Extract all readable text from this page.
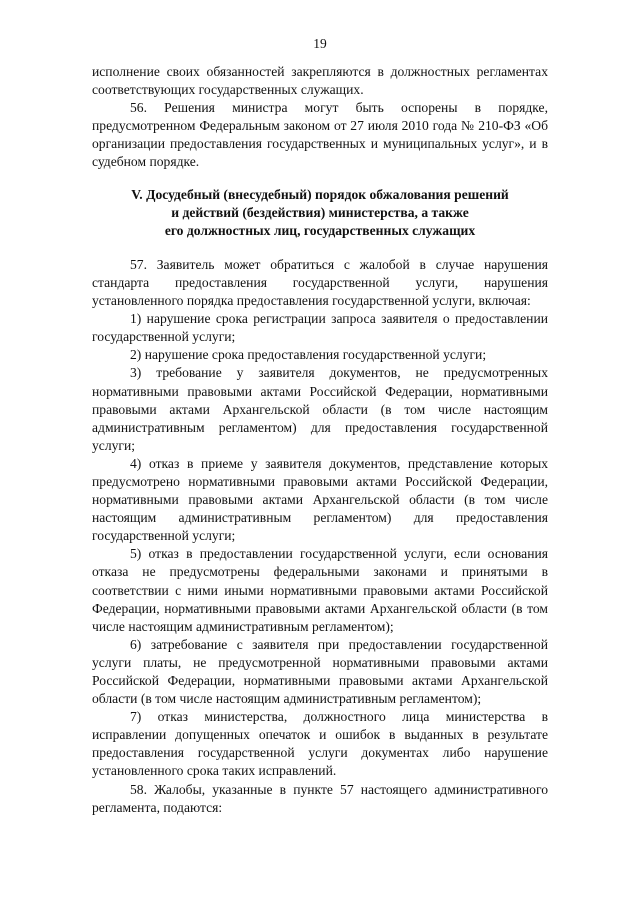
19

исполнение своих обязанностей закрепляются в должностных регламентах соответствующих государственных служащих.

56. Решения министра могут быть оспорены в порядке, предусмотренном Федеральным законом от 27 июля 2010 года № 210-ФЗ «Об организации предоставления государственных и муниципальных услуг», и в судебном порядке.

V. Досудебный (внесудебный) порядок обжалования решений
и действий (бездействия) министерства, а также
его должностных лиц, государственных служащих

57. Заявитель может обратиться с жалобой в случае нарушения стандарта предоставления государственной услуги, нарушения установленного порядка предоставления государственной услуги, включая:

1) нарушение срока регистрации запроса заявителя о предоставлении государственной услуги;

2) нарушение срока предоставления государственной услуги;

3) требование у заявителя документов, не предусмотренных нормативными правовыми актами Российской Федерации, нормативными правовыми актами Архангельской области (в том числе настоящим административным регламентом) для предоставления государственной услуги;

4) отказ в приеме у заявителя документов, представление которых предусмотрено нормативными правовыми актами Российской Федерации, нормативными правовыми актами Архангельской области (в том числе настоящим административным регламентом) для предоставления государственной услуги;

5) отказ в предоставлении государственной услуги, если основания отказа не предусмотрены федеральными законами и принятыми в соответствии с ними иными нормативными правовыми актами Российской Федерации, нормативными правовыми актами Архангельской области (в том числе настоящим административным регламентом);

6) затребование с заявителя при предоставлении государственной услуги платы, не предусмотренной нормативными правовыми актами Российской Федерации, нормативными правовыми актами Архангельской области (в том числе настоящим административным регламентом);

7) отказ министерства, должностного лица министерства в исправлении допущенных опечаток и ошибок в выданных в результате предоставления государственной услуги документах либо нарушение установленного срока таких исправлений.

58. Жалобы, указанные в пункте 57 настоящего административного регламента, подаются:
